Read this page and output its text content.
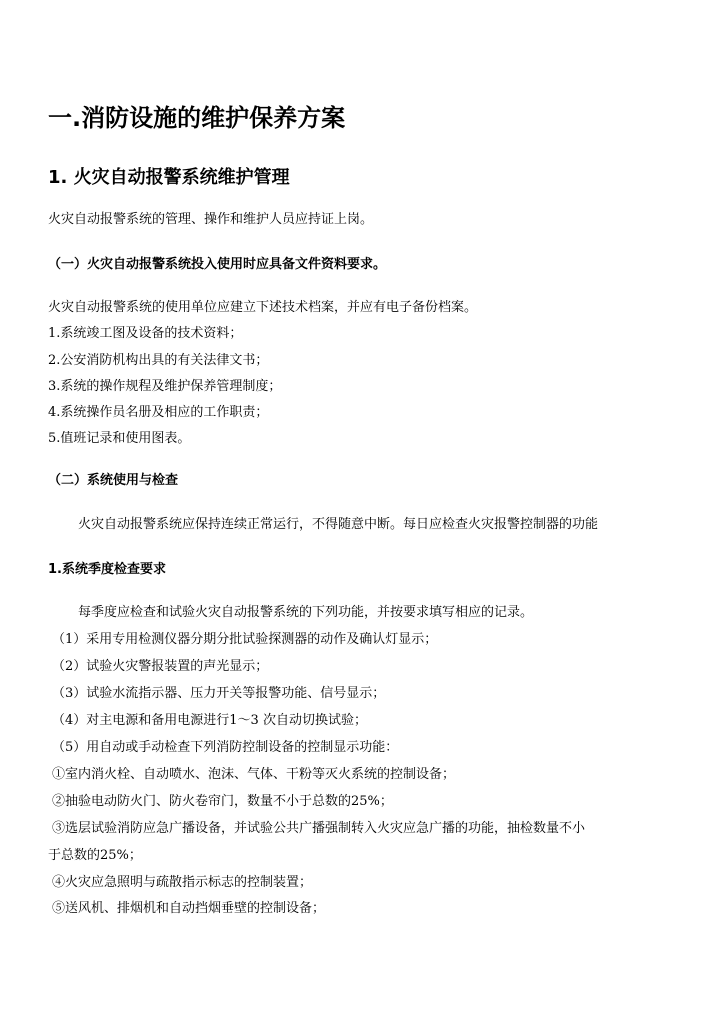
一.消防设施的维护保养方案
1. 火灾自动报警系统维护管理
火灾自动报警系统的管理、操作和维护人员应持证上岗。
（一）火灾自动报警系统投入使用时应具备文件资料要求。
火灾自动报警系统的使用单位应建立下述技术档案，并应有电子备份档案。
1.系统竣工图及设备的技术资料；
2.公安消防机构出具的有关法律文书；
3.系统的操作规程及维护保养管理制度；
4.系统操作员名册及相应的工作职责；
5.值班记录和使用图表。
（二）系统使用与检查
火灾自动报警系统应保持连续正常运行，不得随意中断。每日应检查火灾报警控制器的功能
1.系统季度检查要求
每季度应检查和试验火灾自动报警系统的下列功能，并按要求填写相应的记录。
（1）采用专用检测仪器分期分批试验探测器的动作及确认灯显示；
（2）试验火灾警报装置的声光显示；
（3）试验水流指示器、压力开关等报警功能、信号显示；
（4）对主电源和备用电源进行1～3 次自动切换试验；
（5）用自动或手动检查下列消防控制设备的控制显示功能：
①室内消火栓、自动喷水、泡沫、气体、干粉等灭火系统的控制设备；
②抽验电动防火门、防火卷帘门，数量不小于总数的25%；
③选层试验消防应急广播设备，并试验公共广播强制转入火灾应急广播的功能，抽检数量不小
于总数的25%；
④火灾应急照明与疏散指示标志的控制装置；
⑤送风机、排烟机和自动挡烟垂壁的控制设备；
